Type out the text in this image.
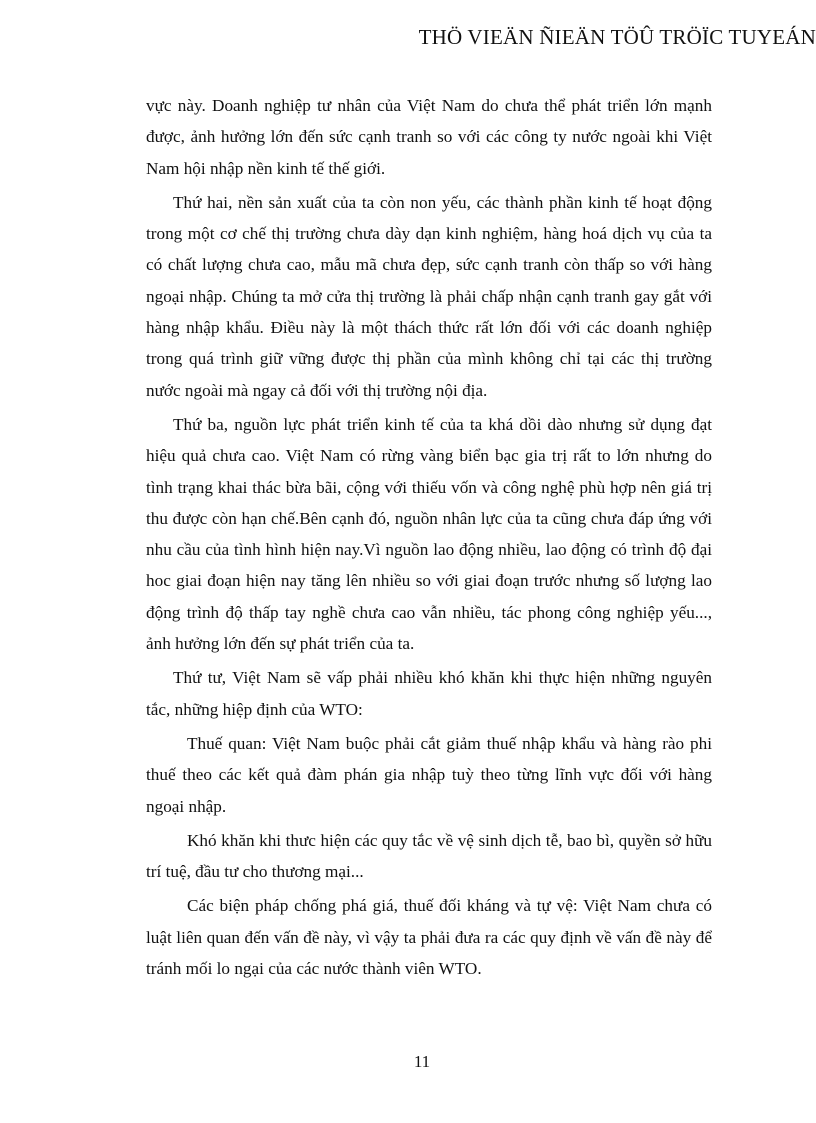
THÖ VIEÄN ÑIEÄN TÖÛ TRÖÏC TUYEÁN

vực này. Doanh nghiệp tư nhân của Việt Nam do chưa thể phát triển lớn mạnh được, ảnh hưởng lớn đến sức cạnh tranh so với các công ty nước ngoài khi Việt Nam hội nhập nền kinh tế thế giới.

Thứ hai, nền sản xuất của ta còn non yếu, các thành phần kinh tế hoạt động trong một cơ chế thị trường chưa dày dạn kinh nghiệm, hàng hoá dịch vụ của ta có chất lượng chưa cao, mẫu mã chưa đẹp, sức cạnh tranh còn thấp so với hàng ngoại nhập. Chúng ta mở cửa thị trường là phải chấp nhận cạnh tranh gay gắt với hàng nhập khẩu. Điều này là một thách thức rất lớn đối với các doanh nghiệp trong quá trình giữ vững được thị phần của mình không chỉ tại các thị trường nước ngoài mà ngay cả đối với thị trường nội địa.

Thứ ba, nguồn lực phát triển kinh tế của ta khá dồi dào nhưng sử dụng đạt hiệu quả chưa cao. Việt Nam có rừng vàng biển bạc gia trị rất to lớn nhưng do tình trạng khai thác bừa bãi, cộng với thiếu vốn và công nghệ phù hợp nên giá trị thu được còn hạn chế.Bên cạnh đó, nguồn nhân lực của ta cũng chưa đáp ứng với nhu cầu của tình hình hiện nay.Vì nguồn lao động nhiều, lao động có trình độ đại hoc giai đoạn hiện nay tăng lên nhiều so với giai đoạn trước nhưng số lượng lao động trình độ thấp tay nghề chưa cao vẫn nhiều, tác phong công nghiệp yếu..., ảnh hưởng lớn đến sự phát triển của ta.

Thứ tư, Việt Nam sẽ vấp phải nhiều khó khăn khi thực hiện những nguyên tắc, những hiệp định của WTO:

Thuế quan: Việt Nam buộc phải cắt giảm thuế nhập khẩu và hàng rào phi thuế theo các kết quả đàm phán gia nhập tuỳ theo từng lĩnh vực đối với hàng ngoại nhập.

Khó khăn khi thưc hiện các quy tắc về vệ sinh dịch tễ, bao bì, quyền sở hữu trí tuệ, đầu tư cho thương mại...

Các biện pháp chống phá giá, thuế đối kháng và tự vệ: Việt Nam chưa có luật liên quan đến vấn đề này, vì vậy ta phải đưa ra các quy định về vấn đề này để tránh mối lo ngại của các nước thành viên WTO.

11
